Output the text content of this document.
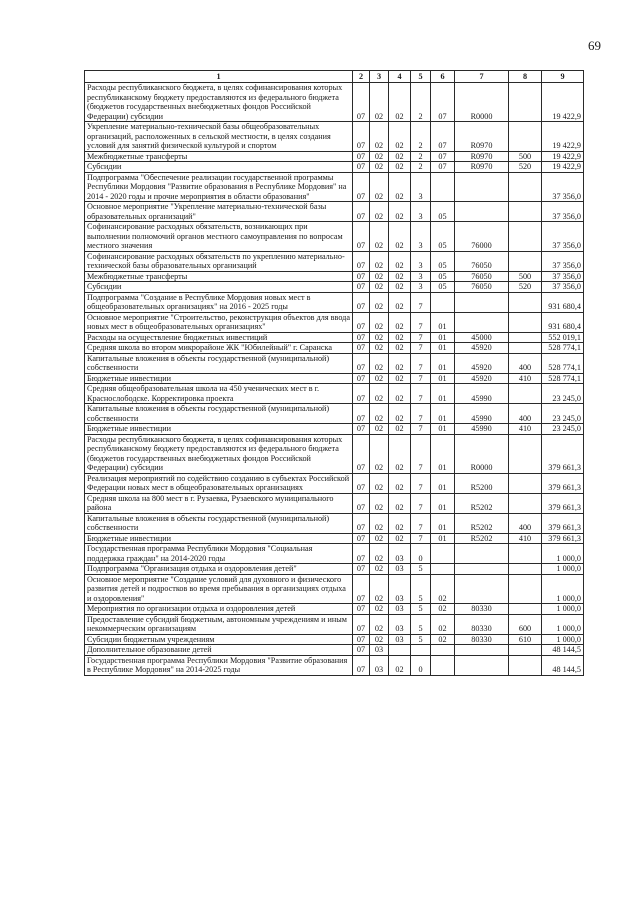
69
1	2	3	4	5	6	7	8	9
Расходы республиканского бюджета, в целях софинансирования которых республиканскому бюджету предоставляются из федерального бюджета (бюджетов государственных внебюджетных фондов Российской Федерации) субсидии	07	02	02	2	07	R0000		19 422,9
Укрепление материально-технической базы общеобразовательных организаций, расположенных в сельской местности, в целях создания условий для занятий физической культурой и спортом	07	02	02	2	07	R0970		19 422,9
Межбюджетные трансферты	07	02	02	2	07	R0970	500	19 422,9
Субсидии	07	02	02	2	07	R0970	520	19 422,9
Подпрограмма "Обеспечение реализации государственной программы Республики Мордовия "Развитие образования в Республике Мордовия" на 2014 - 2020 годы и прочие мероприятия в области образования"	07	02	02	3				37 356,0
Основное мероприятие "Укрепление материально-технической базы образовательных организаций"	07	02	02	3	05			37 356,0
Софинансирование расходных обязательств, возникающих при выполнении полномочий органов местного самоуправления по вопросам местного значения	07	02	02	3	05	76000		37 356,0
Софинансирование расходных обязательств по укреплению материально-технической базы образовательных организаций	07	02	02	3	05	76050		37 356,0
Межбюджетные трансферты	07	02	02	3	05	76050	500	37 356,0
Субсидии	07	02	02	3	05	76050	520	37 356,0
Подпрограмма "Создание в Республике Мордовия новых мест в общеобразовательных организациях" на 2016 - 2025 годы	07	02	02	7				931 680,4
Основное мероприятие "Строительство, реконструкция объектов для ввода новых мест в общеобразовательных организациях"	07	02	02	7	01			931 680,4
Расходы на осуществление бюджетных инвестиций	07	02	02	7	01	45000		552 019,1
Средняя школа во втором микрорайоне ЖК "Юбилейный" г. Саранска	07	02	02	7	01	45920		528 774,1
Капитальные вложения в объекты государственной (муниципальной) собственности	07	02	02	7	01	45920	400	528 774,1
Бюджетные инвестиции	07	02	02	7	01	45920	410	528 774,1
Средняя общеобразовательная школа на 450 ученических мест в г. Краснослободске. Корректировка проекта	07	02	02	7	01	45990		23 245,0
Капитальные вложения в объекты государственной (муниципальной) собственности	07	02	02	7	01	45990	400	23 245,0
Бюджетные инвестиции	07	02	02	7	01	45990	410	23 245,0
Расходы республиканского бюджета, в целях софинансирования которых республиканскому бюджету предоставляются из федерального бюджета (бюджетов государственных внебюджетных фондов Российской Федерации) субсидии	07	02	02	7	01	R0000		379 661,3
Реализация мероприятий по содействию созданию в субъектах Российской Федерации новых мест в общеобразовательных организациях	07	02	02	7	01	R5200		379 661,3
Средняя школа на 800 мест в г. Рузаевка, Рузаевского муниципального района	07	02	02	7	01	R5202		379 661,3
Капитальные вложения в объекты государственной (муниципальной) собственности	07	02	02	7	01	R5202	400	379 661,3
Бюджетные инвестиции	07	02	02	7	01	R5202	410	379 661,3
Государственная программа Республики Мордовия "Социальная поддержка граждан" на 2014-2020 годы	07	02	03	0				1 000,0
Подпрограмма "Организация отдыха и оздоровления детей"	07	02	03	5				1 000,0
Основное мероприятие "Создание условий для духовного и физического развития детей и подростков во время пребывания в организациях отдыха и оздоровления"	07	02	03	5	02			1 000,0
Мероприятия по организации отдыха и оздоровления детей	07	02	03	5	02	80330		1 000,0
Предоставление субсидий бюджетным, автономным учреждениям и иным некоммерческим организациям	07	02	03	5	02	80330	600	1 000,0
Субсидии бюджетным учреждениям	07	02	03	5	02	80330	610	1 000,0
Дополнительное образование детей	07	03						48 144,5
Государственная программа Республики Мордовия "Развитие образования в Республике Мордовия" на 2014-2025 годы	07	03	02	0				48 144,5
